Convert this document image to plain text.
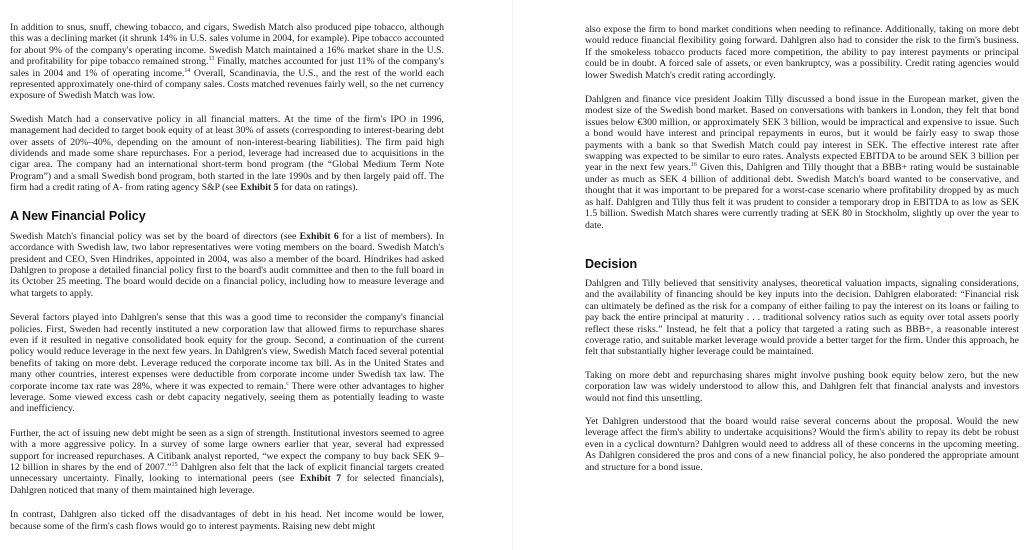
In addition to snus, snuff, chewing tobacco, and cigars, Swedish Match also produced pipe tobacco, although this was a declining market (it shrunk 14% in U.S. sales volume in 2004, for example). Pipe tobacco accounted for about 9% of the company's operating income. Swedish Match maintained a 16% market share in the U.S. and profitability for pipe tobacco remained strong.$^{13}$ Finally, matches accounted for just 11% of the company's sales in 2004 and 1% of operating income.$^{14}$ Overall, Scandinavia, the U.S., and the rest of the world each represented approximately one-third of company sales. Costs matched revenues fairly well, so the net currency exposure of Swedish Match was low.

Swedish Match had a conservative policy in all financial matters. At the time of the firm's IPO in 1996, management had decided to target book equity of at least 30% of assets (corresponding to interest-bearing debt over assets of 20%–40%, depending on the amount of non-interest-bearing liabilities). The firm paid high dividends and made some share repurchases. For a period, leverage had increased due to acquisitions in the cigar area. The company had an international short-term bond program (the “Global Medium Term Note Program”) and a small Swedish bond program, both started in the late 1990s and by then largely paid off. The firm had a credit rating of A- from rating agency S&P (see Exhibit 5 for data on ratings).

A New Financial Policy

Swedish Match's financial policy was set by the board of directors (see Exhibit 6 for a list of members). In accordance with Swedish law, two labor representatives were voting members on the board. Swedish Match's president and CEO, Sven Hindrikes, appointed in 2004, was also a member of the board. Hindrikes had asked Dahlgren to propose a detailed financial policy first to the board's audit committee and then to the full board in its October 25 meeting. The board would decide on a financial policy, including how to measure leverage and what targets to apply.

Several factors played into Dahlgren's sense that this was a good time to reconsider the company's financial policies. First, Sweden had recently instituted a new corporation law that allowed firms to repurchase shares even if it resulted in negative consolidated book equity for the group. Second, a continuation of the current policy would reduce leverage in the next few years. In Dahlgren's view, Swedish Match faced several potential benefits of taking on more debt. Leverage reduced the corporate income tax bill. As in the United States and many other countries, interest expenses were deductible from corporate income under Swedish tax law. The corporate income tax rate was 28%, where it was expected to remain.$^c$ There were other advantages to higher leverage. Some viewed excess cash or debt capacity negatively, seeing them as potentially leading to waste and inefficiency.

Further, the act of issuing new debt might be seen as a sign of strength. Institutional investors seemed to agree with a more aggressive policy. In a survey of some large owners earlier that year, several had expressed support for increased repurchases. A Citibank analyst reported, “we expect the company to buy back SEK 9–12 billion in shares by the end of 2007.”$^{15}$ Dahlgren also felt that the lack of explicit financial targets created unnecessary uncertainty. Finally, looking to international peers (see Exhibit 7 for selected financials), Dahlgren noticed that many of them maintained high leverage.

In contrast, Dahlgren also ticked off the disadvantages of debt in his head. Net income would be lower, because some of the firm's cash flows would go to interest payments. Raising new debt might

also expose the firm to bond market conditions when needing to refinance. Additionally, taking on more debt would reduce financial flexibility going forward. Dahlgren also had to consider the risk to the firm's business. If the smokeless tobacco products faced more competition, the ability to pay interest payments or principal could be in doubt. A forced sale of assets, or even bankruptcy, was a possibility. Credit rating agencies would lower Swedish Match's credit rating accordingly.

Dahlgren and finance vice president Joakim Tilly discussed a bond issue in the European market, given the modest size of the Swedish bond market. Based on conversations with bankers in London, they felt that bond issues below €300 million, or approximately SEK 3 billion, would be impractical and expensive to issue. Such a bond would have interest and principal repayments in euros, but it would be fairly easy to swap those payments with a bank so that Swedish Match could pay interest in SEK. The effective interest rate after swapping was expected to be similar to euro rates. Analysts expected EBITDA to be around SEK 3 billion per year in the next few years.$^{16}$ Given this, Dahlgren and Tilly thought that a BBB+ rating would be sustainable under as much as SEK 4 billion of additional debt. Swedish Match's board wanted to be conservative, and thought that it was important to be prepared for a worst-case scenario where profitability dropped by as much as half. Dahlgren and Tilly thus felt it was prudent to consider a temporary drop in EBITDA to as low as SEK 1.5 billion. Swedish Match shares were currently trading at SEK 80 in Stockholm, slightly up over the year to date.

Decision

Dahlgren and Tilly believed that sensitivity analyses, theoretical valuation impacts, signaling considerations, and the availability of financing should be key inputs into the decision. Dahlgren elaborated: “Financial risk can ultimately be defined as the risk for a company of either failing to pay the interest on its loans or failing to pay back the entire principal at maturity . . . traditional solvency ratios such as equity over total assets poorly reflect these risks.” Instead, he felt that a policy that targeted a rating such as BBB+, a reasonable interest coverage ratio, and suitable market leverage would provide a better target for the firm. Under this approach, he felt that substantially higher leverage could be maintained.

Taking on more debt and repurchasing shares might involve pushing book equity below zero, but the new corporation law was widely understood to allow this, and Dahlgren felt that financial analysts and investors would not find this unsettling.

Yet Dahlgren understood that the board would raise several concerns about the proposal. Would the new leverage affect the firm's ability to undertake acquisitions? Would the firm's ability to repay its debt be robust even in a cyclical downturn? Dahlgren would need to address all of these concerns in the upcoming meeting. As Dahlgren considered the pros and cons of a new financial policy, he also pondered the appropriate amount and structure for a bond issue.
